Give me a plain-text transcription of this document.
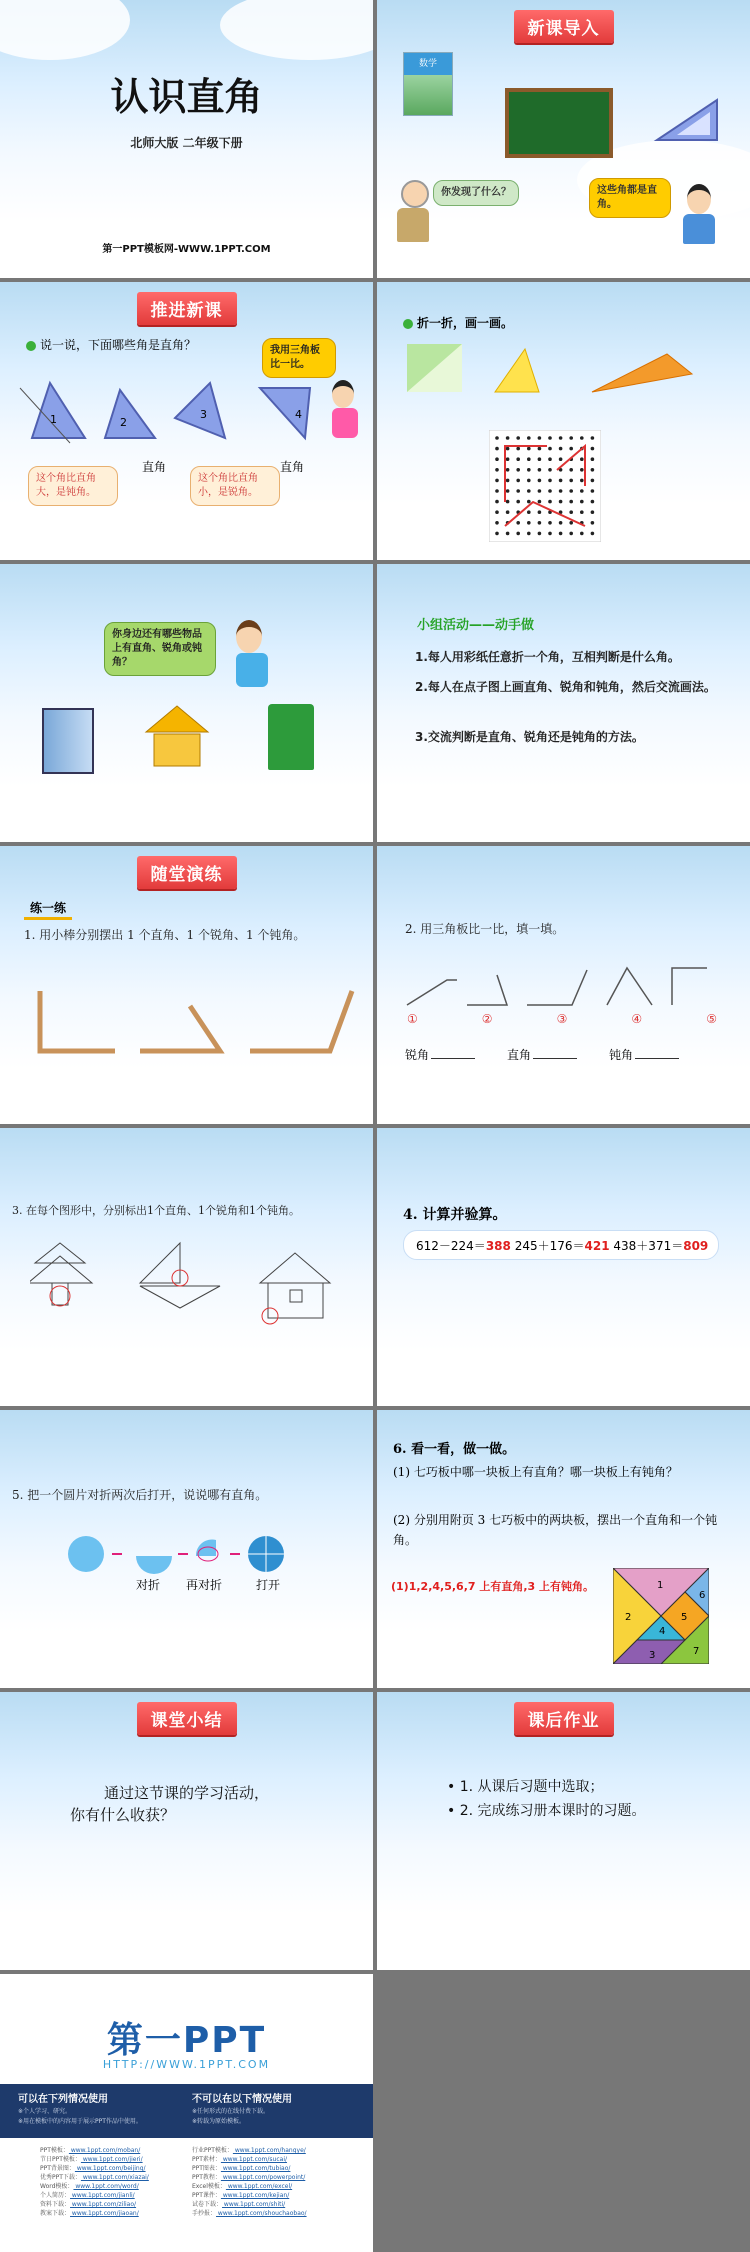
认识直角
北师大版 二年级下册
第一PPT模板网-WWW.1PPT.COM
新课导入
数学
你发现了什么？	这些角都是直角。
推进新课
说一说，下面哪些角是直角？	我用三角板比一比。
1	2
3	4
直角	直角
这个角比直角大，是钝角。
这个角比直角小，是锐角。
折一折，画一画。
你身边还有哪些物品上有直角、锐角或钝角？
小组活动——动手做
1.每人用彩纸任意折一个角，互相判断是什么角。
2.每人在点子图上画直角、锐角和钝角，然后交流画法。
3.交流判断是直角、锐角还是钝角的方法。
随堂演练
练一练
1. 用小棒分别摆出 1 个直角、1 个锐角、1 个钝角。	2. 用三角板比一比，填一填。
①	②	③	④	⑤
锐角	直角	钝角
3. 在每个图形中，分别标出1个直角、1个锐角和1个钝角。	4. 计算并验算。
612－224＝388 245＋176＝421 438＋371＝809
5. 把一个圆片对折两次后打开，说说哪有直角。
对折 再对折	打开
6. 看一看，做一做。
(1) 七巧板中哪一块板上有直角？哪一块板上有钝角？
(2) 分别用附页 3 七巧板中的两块板，摆出一个直角和一个钝角。
(1)1,2,4,5,6,7 上有直角,3 上有钝角。	1
2
3
4
5
6
7
课堂小结
通过这节课的学习活动，
你有什么收获？
课后作业
• 1. 从课后习题中选取；
• 2. 完成练习册本课时的习题。
第一PPT
HTTP://WWW.1PPT.COM
可以在下列情况使用
※个人学习、研究。
※用在模板中的内容用于展示PPT作品中使用。
不可以在以下情况使用
※任何形式的在线付费下载。
※转载为原始模板。
PPT模板： www.1ppt.com/moban/
节日PPT模板： www.1ppt.com/jieri/
PPT背景图： www.1ppt.com/beijing/
优秀PPT下载： www.1ppt.com/xiazai/
Word模板： www.1ppt.com/word/
个人简历： www.1ppt.com/jianli/
资料下载： www.1ppt.com/ziliao/
教案下载： www.1ppt.com/jiaoan/
行业PPT模板： www.1ppt.com/hangye/
PPT素材： www.1ppt.com/sucai/
PPT图表： www.1ppt.com/tubiao/
PPT教程： www.1ppt.com/powerpoint/
Excel模板： www.1ppt.com/excel/
PPT课件： www.1ppt.com/kejian/
试卷下载： www.1ppt.com/shiti/
手抄报： www.1ppt.com/shouchaobao/
